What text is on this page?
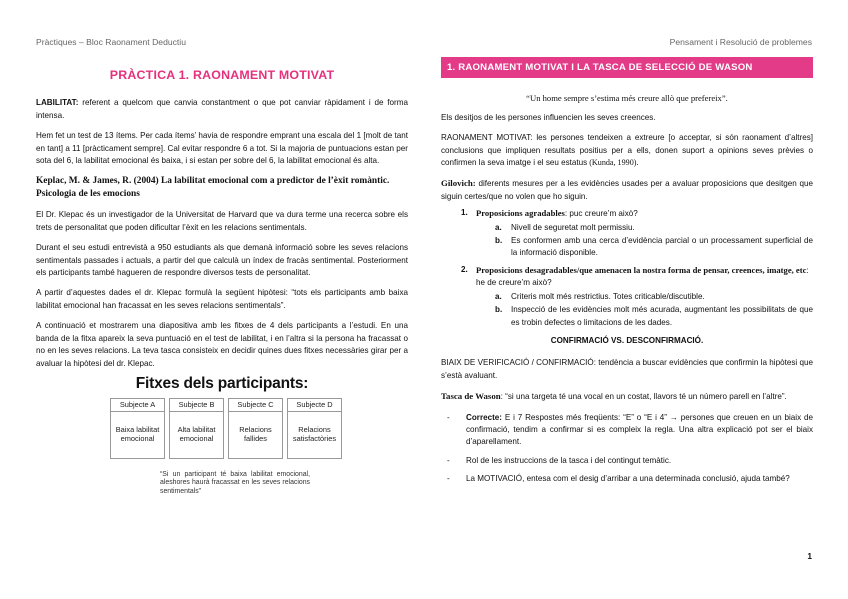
Pràctiques – Bloc Raonament Deductiu	Pensament i Resolució de problemes
PRÀCTICA 1. RAONAMENT MOTIVAT

LABILITAT: referent a quelcom que canvia constantment o que pot canviar ràpidament i de forma intensa.

Hem fet un test de 13 ítems. Per cada ítems’ havia de respondre emprant una escala del 1 [molt de tant en tant] a 11 [pràcticament sempre]. Cal evitar respondre 6 a tot. Si la majoria de puntuacions estan per sota del 6, la labilitat emocional és baixa, i si estan per sobre del 6, la labilitat emocional és alta.

Keplac, M. & James, R. (2004) La labilitat emocional com a predictor de l’èxit romàntic. Psicologia de les emocions

El Dr. Klepac és un investigador de la Universitat de Harvard que va dura terme una recerca sobre els trets de personalitat que poden dificultar l’èxit en les relacions sentimentals.

Durant el seu estudi entrevistà a 950 estudiants als que demanà informació sobre les seves relacions sentimentals passades i actuals, a partir del que calculà un índex de fracàs sentimental. Posteriorment els participants també hagueren de respondre diversos tests de personalitat.

A partir d’aquestes dades el dr. Klepac formulà la següent hipòtesi: “tots els participants amb baixa labilitat emocional han fracassat en les seves relacions sentimentals”.

A continuació et mostrarem una diapositiva amb les fitxes de 4 dels participants a l’estudi. En una banda de la fitxa apareix la seva puntuació en el test de labilitat, i en l’altra si la persona ha fracassat o no en les seves relacions. La teva tasca consisteix en decidir quines dues fitxes necessàries girar per a avaluar la hipòtesi del dr. Klepac.

Fitxes dels participants:
Subjecte A
Baixa labilitat emocional
Subjecte B
Alta labilitat emocional
Subjecte C
Relacions fallides
Subjecte D
Relacions satisfactòries
“Si un participant té baixa labilitat emocional, aleshores haurà fracassat en les seves relacions sentimentals”
1. RAONAMENT MOTIVAT I LA TASCA DE SELECCIÓ DE WASON
“Un home sempre s’estima més creure allò que prefereix”.

Els desitjos de les persones influencien les seves creences.

RAONAMENT MOTIVAT: les persones tendeixen a extreure [o acceptar, si són raonament d’altres] conclusions que impliquen resultats positius per a ells, donen suport a opinions seves prèvies o confirmen la seva imatge i el seu estatus (Kunda, 1990).

Gilovich: diferents mesures per a les evidències usades per a avaluar proposicions que desitgen que siguin certes/que no volen que ho siguin.

1. Proposicions agradables: puc creure’m això?
a. Nivell de seguretat molt permissiu.
b. Es conformen amb una cerca d’evidència parcial o un processament superficial de la informació disponible.
2. Proposicions desagradables/que amenacen la nostra forma de pensar, creences, imatge, etc: he de creure’m això?
a. Criteris molt més restrictius. Totes criticable/discutible.
b. Inspecció de les evidències molt més acurada, augmentant les possibilitats de que es trobin defectes o limitacions de les dades.
CONFIRMACIÓ VS. DESCONFIRMACIÓ.

BIAIX DE VERIFICACIÓ / CONFIRMACIÓ: tendència a buscar evidències que confirmin la hipòtesi que s’està avaluant.

Tasca de Wason: “si una targeta té una vocal en un costat, llavors té un número parell en l’altre”.

- Correcte: E i 7 Respostes més freqüents: “E” o “E i 4” → persones que creuen en un biaix de confirmació, tendim a confirmar si es compleix la regla. Una altra explicació pot ser el biaix d’aparellament.
- Rol de les instruccions de la tasca i del contingut temàtic.
- La MOTIVACIÓ, entesa com el desig d’arribar a una determinada conclusió, ajuda també?
1
